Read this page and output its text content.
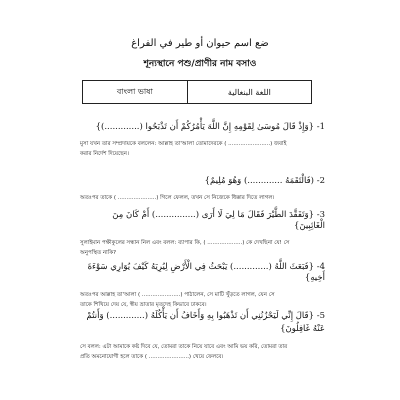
ضع اسم حيوان أو طير في الفراغ
শূন্যস্থানে পশু/প্রাণীর নাম বসাও
বাংলা ভাষা	اللغة البنغالية
1- {وَإِذْ قَالَ مُوسَىٰ لِقَوْمِهِ إِنَّ اللَّهَ يَأْمُرُكُمْ أَن تَذْبَحُوا (.............)}
মুসা যখন তার সম্প্রদায়কে বললেন: আল্লাহ তা'আলা তোমাদেরকে ( ........................) জবাই
করার নির্দেশ দিয়েছেন।
2- (فَالْتَقَمَهُ .............) وَهُوَ مُلِيمٌ}
অতঃপর তাকে ( ......................) গিলে ফেলল, তখন সে নিজেকে ধিক্কার দিতে লাগল।
3- {وَتَفَقَّدَ الطَّيْرَ فَقَالَ مَا لِيَ لَا أَرَى (...............) أَمْ كَانَ مِنَ الْغَائِبِينَ}
সুলাইমান পক্ষীকুলের সন্ধান নিল এবং বলল: ব্যাপার কি, ( ....................) কে দেখছিনা যে! সে
অনুপস্থিত নাকি?
4- {فَبَعَثَ اللَّهُ (.............) يَبْحَثُ فِي الْأَرْضِ لِيُرِيَهُ كَيْفَ يُوَارِي سَوْءَةَ أَخِيهِ}
অতঃপর আল্লাহ তা'আলা ( ......................) পাঠালেন, সে মাটি খুঁড়তে লাগল, যেন সে
তাকে শিখিয়ে দেয় যে, স্বীয় ভ্রাতার মৃতদেহ কিভাবে ঢাকবে।
5- {قَالَ إِنِّي لَيَحْزُنُنِي أَن تَذْهَبُوا بِهِ وَأَخَافُ أَن يَأْكُلَهُ (.............) وَأَنتُمْ عَنْهُ غَافِلُونَ}
সে বলল: এটা আমাকে কষ্ট দিবে যে, তোমরা তাকে নিয়ে যাবে এবং আমি ভয় করি, তোমরা তার
প্রতি অমনোযোগী হলে তাকে ( .......................) খেয়ে ফেলবে।
